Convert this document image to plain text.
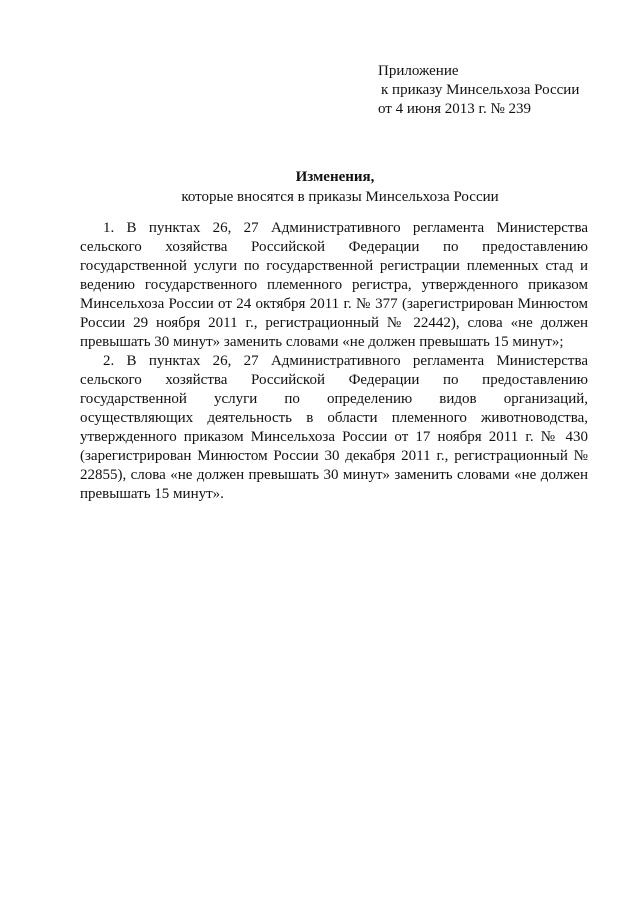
Приложение
к приказу Минсельхоза России
от 4 июня 2013 г. № 239
Изменения,
которые вносятся в приказы Минсельхоза России

1. В пунктах 26, 27 Административного регламента Министерства сельского хозяйства Российской Федерации по предоставлению государственной услуги по государственной регистрации племенных стад и ведению государственного племенного регистра, утвержденного приказом Минсельхоза России от 24 октября 2011 г. № 377 (зарегистрирован Минюстом России 29 ноября 2011 г., регистрационный № 22442), слова «не должен превышать 30 минут» заменить словами «не должен превышать 15 минут»;

2. В пунктах 26, 27 Административного регламента Министерства сельского хозяйства Российской Федерации по предоставлению государственной услуги по определению видов организаций, осуществляющих деятельность в области племенного животноводства, утвержденного приказом Минсельхоза России от 17 ноября 2011 г. № 430 (зарегистрирован Минюстом России 30 декабря 2011 г., регистрационный № 22855), слова «не должен превышать 30 минут» заменить словами «не должен превышать 15 минут».
